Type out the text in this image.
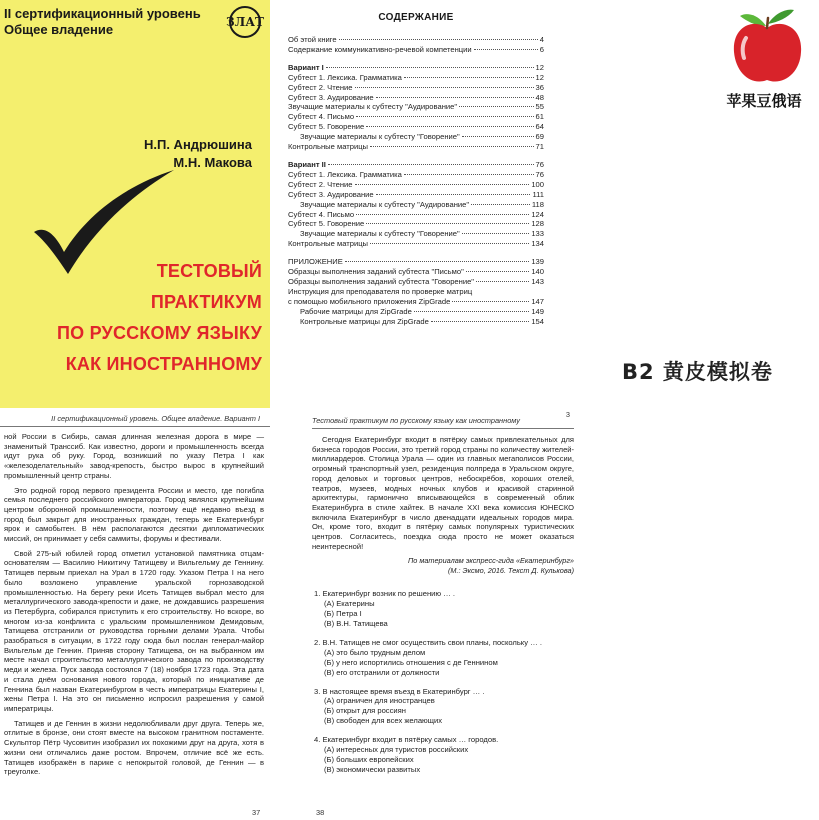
II сертификационный уровень
Общее владение	ЗЛАТ
Н.П. Андрюшина
М.Н. Макова
ТЕСТОВЫЙ
ПРАКТИКУМ
ПО РУССКОМУ ЯЗЫКУ
КАК ИНОСТРАННОМУ
СОДЕРЖАНИЕ
Об этой книге	4
Содержание коммуникативно-речевой компетенции	6
Вариант I	12
Субтест 1. Лексика. Грамматика	12
Субтест 2. Чтение	36
Субтест 3. Аудирование	48
Звучащие материалы к субтесту "Аудирование"	55
Субтест 4. Письмо	61
Субтест 5. Говорение	64
Звучащие материалы к субтесту "Говорение"	69
Контрольные матрицы	71
Вариант II	76
Субтест 1. Лексика. Грамматика	76
Субтест 2. Чтение	100
Субтест 3. Аудирование	111
Звучащие материалы к субтесту "Аудирование"	118
Субтест 4. Письмо	124
Субтест 5. Говорение	128
Звучащие материалы к субтесту "Говорение"	133
Контрольные матрицы	134
ПРИЛОЖЕНИЕ	139
Образцы выполнения заданий субтеста "Письмо"	140
Образцы выполнения заданий субтеста "Говорение"	143
Инструкция для преподавателя по проверке матриц
с помощью мобильного приложения ZipGrade	147
Рабочие матрицы для ZipGrade	149
Контрольные матрицы для ZipGrade	154
苹果豆俄语
B2 黄皮模拟卷
II сертификационный уровень. Общее владение. Вариант I

ной России в Сибирь, самая длинная железная дорога в мире — знаменитый Транссиб. Как известно, дороги и промышленность всегда идут рука об руку. Город, возникший по указу Петра I как «железоделательный» завод-крепость, быстро вырос в крупнейший промышленный центр страны.

Это родной город первого президента России и место, где погибла семья последнего российского императора. Город являлся крупнейшим центром оборонной промышленности, поэтому ещё недавно въезд в город был закрыт для иностранных граждан, теперь же Екатеринбург ярок и самобытен. В нём располагаются десятки дипломатических миссий, он принимает у себя саммиты, форумы и фестивали.

Свой 275-ый юбилей город отметил установкой памятника отцам-основателям — Василию Никитичу Татищеву и Вильгельму де Геннину. Татищев первым приехал на Урал в 1720 году. Указом Петра I на него было возложено управление уральской горнозаводской промышленностью. На берегу реки Исеть Татищев выбрал место для металлургического завода-крепости и даже, не дождавшись разрешения из Петербурга, собирался приступить к его строительству. Но вскоре, во многом из-за конфликта с уральским промышленником Демидовым, Татищева отстранили от руководства горными делами Урала. Чтобы разобраться в ситуации, в 1722 году сюда был послан генерал-майор Вильгельм де Геннин. Приняв сторону Татищева, он на выбранном им месте начал строительство металлургического завода по производству меди и железа. Пуск завода состоялся 7 (18) ноября 1723 года. Эта дата и стала днём основания нового города, который по инициативе де Геннина был назван Екатеринбургом в честь императрицы Екатерины I, жены Петра I. На это он письменно испросил разрешения у самой императрицы.

Татищев и де Геннин в жизни недолюбливали друг друга. Теперь же, отлитые в бронзе, они стоят вместе на высоком гранитном постаменте. Скульптор Пётр Чусовитин изобразил их похожими друг на друга, хотя в жизни они отличались даже ростом. Впрочем, отличие всё же есть. Татищев изображён в парике с непокрытой головой, де Геннин — в треуголке.

37
3
Тестовый практикум по русскому языку как иностранному

Сегодня Екатеринбург входит в пятёрку самых привлекательных для бизнеса городов России, это третий город страны по количеству жителей-миллиардеров. Столица Урала — один из главных мегаполисов России, огромный транспортный узел, резиденция полпреда в Уральском округе, город деловых и торговых центров, небоскрёбов, хороших отелей, театров, музеев, модных ночных клубов и красивой старинной архитектуры, гармонично вписывающейся в современный облик Екатеринбурга в стиле хайтек. В начале XXI века комиссия ЮНЕСКО включила Екатеринбург в число двенадцати идеальных городов мира. Он, кроме того, входит в пятёрку самых популярных туристических центров. Согласитесь, поездка сюда просто не может оказаться неинтересной!

По материалам экспресс-гида «Екатеринбург»
(М.: Эксмо, 2016. Текст Д. Кулькова)
1. Екатеринбург возник по решению … .
(А) Екатерины
(Б) Петра I
(В) В.Н. Татищева
2. В.Н. Татищев не смог осуществить свои планы, поскольку … .
(А) это было трудным делом
(Б) у него испортились отношения с де Геннином
(В) его отстранили от должности
3. В настоящее время въезд в Екатеринбург … .
(А) ограничен для иностранцев
(Б) открыт для россиян
(В) свободен для всех желающих
4. Екатеринбург входит в пятёрку самых … городов.
(А) интересных для туристов российских
(Б) больших европейских
(В) экономически развитых
38
